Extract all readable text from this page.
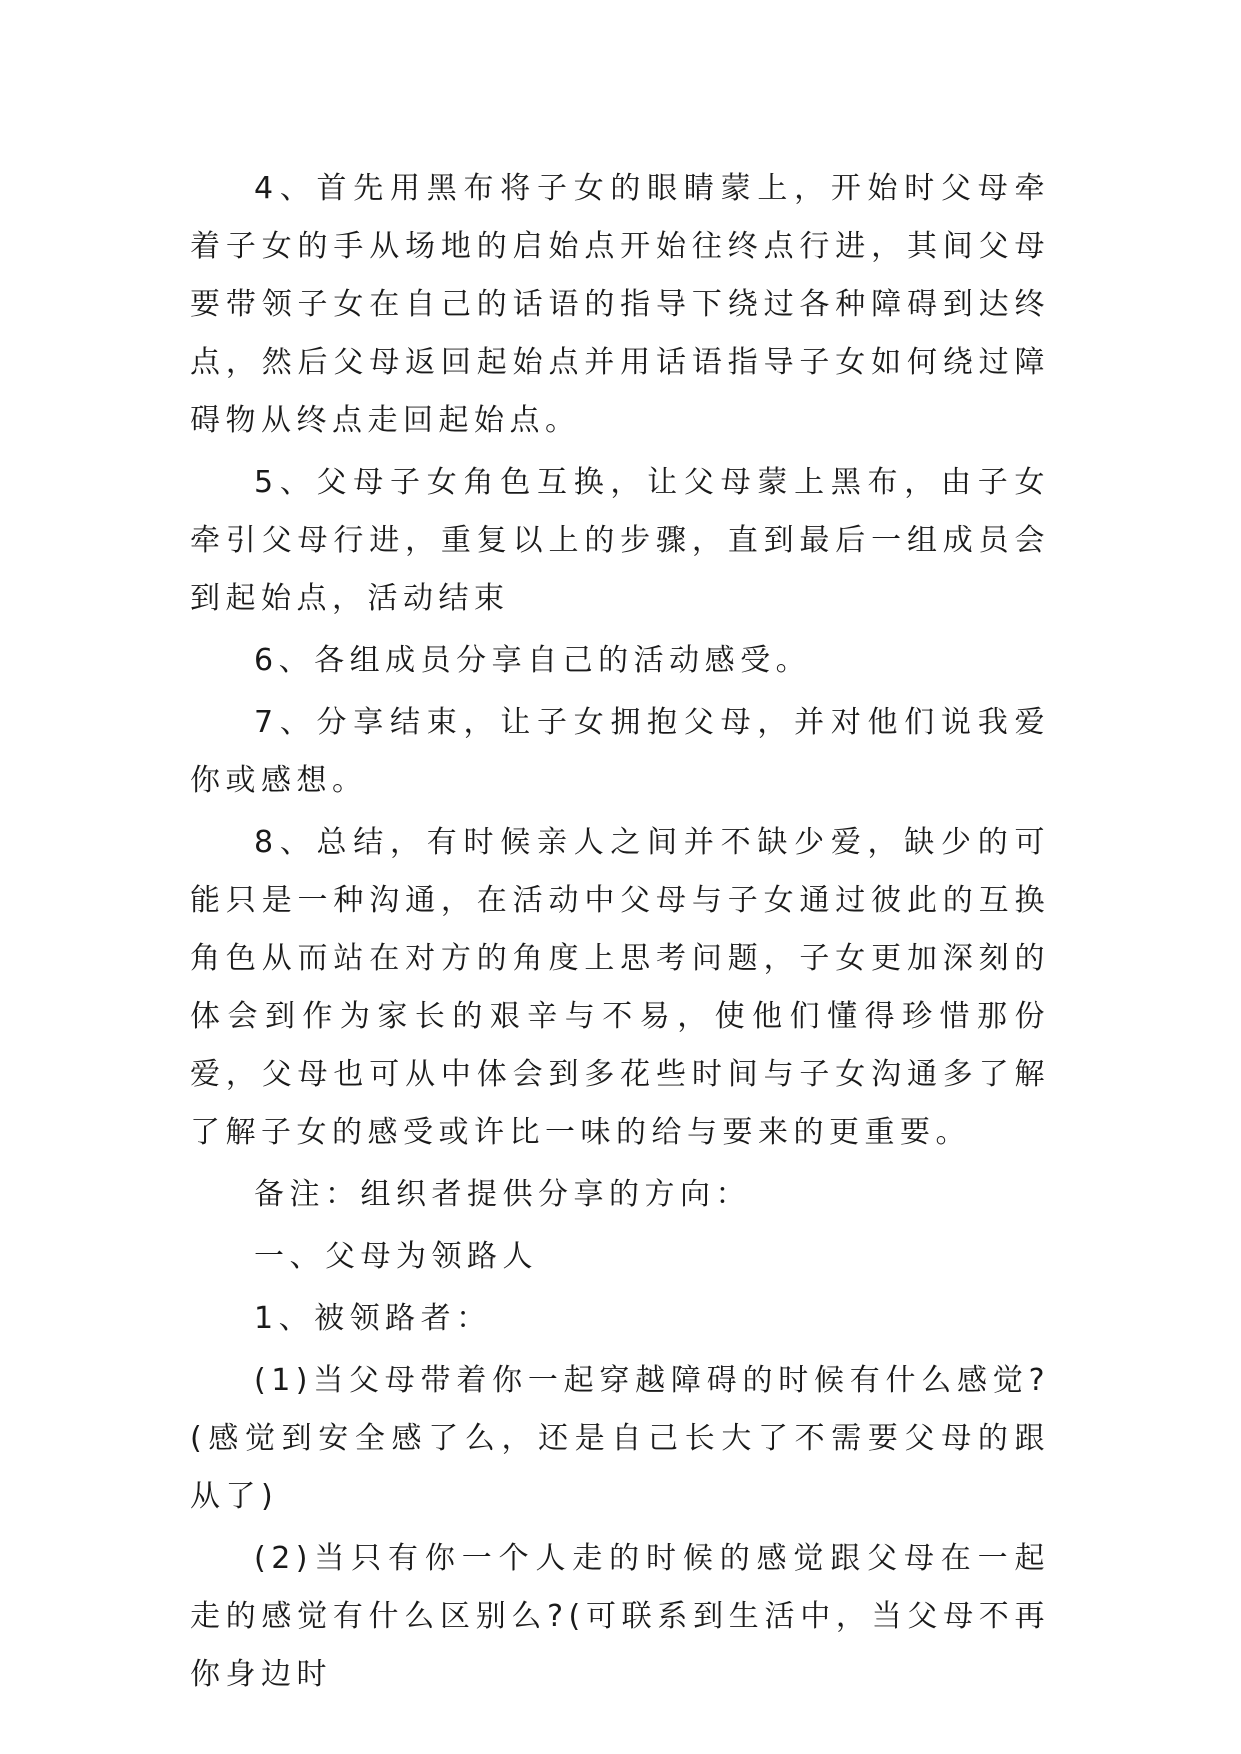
4、首先用黑布将子女的眼睛蒙上，开始时父母牵着子女的手从场地的启始点开始往终点行进，其间父母要带领子女在自己的话语的指导下绕过各种障碍到达终点，然后父母返回起始点并用话语指导子女如何绕过障碍物从终点走回起始点。

5、父母子女角色互换，让父母蒙上黑布，由子女牵引父母行进，重复以上的步骤，直到最后一组成员会到起始点，活动结束

6、各组成员分享自己的活动感受。

7、分享结束，让子女拥抱父母，并对他们说我爱你或感想。

8、总结，有时候亲人之间并不缺少爱，缺少的可能只是一种沟通，在活动中父母与子女通过彼此的互换角色从而站在对方的角度上思考问题，子女更加深刻的体会到作为家长的艰辛与不易，使他们懂得珍惜那份爱，父母也可从中体会到多花些时间与子女沟通多了解了解子女的感受或许比一味的给与要来的更重要。

备注：组织者提供分享的方向：

一、父母为领路人

1、被领路者：

(1)当父母带着你一起穿越障碍的时候有什么感觉?(感觉到安全感了么，还是自己长大了不需要父母的跟从了)

(2)当只有你一个人走的时候的感觉跟父母在一起走的感觉有什么区别么?(可联系到生活中，当父母不再你身边时
